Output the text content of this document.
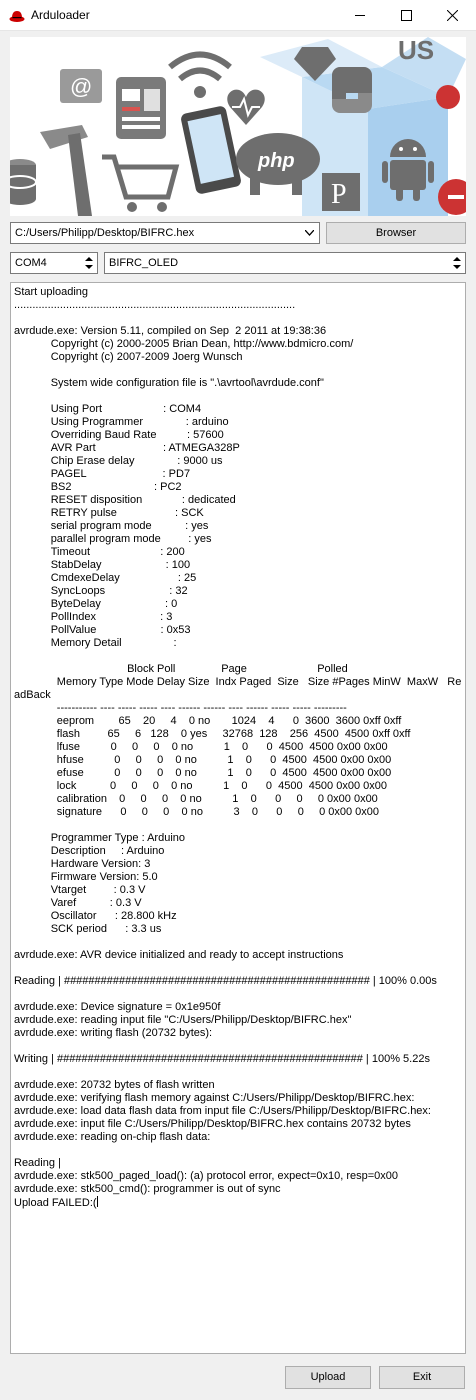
Arduloader
@
php
P
US
C:/Users/Philipp/Desktop/BIFRC.hex	Browser
COM4	BIFRC_OLED
Start uploading
............................................................................................

avrdude.exe: Version 5.11, compiled on Sep  2 2011 at 19:38:36
Copyright (c) 2000-2005 Brian Dean, http://www.bdmicro.com/
Copyright (c) 2007-2009 Joerg Wunsch

System wide configuration file is ".\avrtool\avrdude.conf"

Using Port                    : COM4
Using Programmer              : arduino
Overriding Baud Rate          : 57600
AVR Part                      : ATMEGA328P
Chip Erase delay              : 9000 us
PAGEL                         : PD7
BS2                           : PC2
RESET disposition             : dedicated
RETRY pulse                   : SCK
serial program mode           : yes
parallel program mode         : yes
Timeout                       : 200
StabDelay                     : 100
CmdexeDelay                   : 25
SyncLoops                     : 32
ByteDelay                     : 0
PollIndex                     : 3
PollValue                     : 0x53
Memory Detail                 :

Block Poll               Page                       Polled
Memory Type Mode Delay Size  Indx Paged  Size   Size #Pages MinW  MaxW   ReadBack
----------- ---- ----- ----- ---- ------ ------ ---- ------ ----- ----- ---------
eeprom        65    20     4    0 no       1024    4      0  3600  3600 0xff 0xff
flash         65     6   128    0 yes     32768  128    256  4500  4500 0xff 0xff
lfuse          0     0     0    0 no          1    0      0  4500  4500 0x00 0x00
hfuse          0     0     0    0 no          1    0      0  4500  4500 0x00 0x00
efuse          0     0     0    0 no          1    0      0  4500  4500 0x00 0x00
lock           0     0     0    0 no          1    0      0  4500  4500 0x00 0x00
calibration    0     0     0    0 no          1    0      0     0     0 0x00 0x00
signature      0     0     0    0 no          3    0      0     0     0 0x00 0x00

Programmer Type : Arduino
Description     : Arduino
Hardware Version: 3
Firmware Version: 5.0
Vtarget         : 0.3 V
Varef           : 0.3 V
Oscillator      : 28.800 kHz
SCK period      : 3.3 us

avrdude.exe: AVR device initialized and ready to accept instructions

Reading | ################################################## | 100% 0.00s

avrdude.exe: Device signature = 0x1e950f
avrdude.exe: reading input file "C:/Users/Philipp/Desktop/BIFRC.hex"
avrdude.exe: writing flash (20732 bytes):

Writing | ################################################## | 100% 5.22s

avrdude.exe: 20732 bytes of flash written
avrdude.exe: verifying flash memory against C:/Users/Philipp/Desktop/BIFRC.hex:
avrdude.exe: load data flash data from input file C:/Users/Philipp/Desktop/BIFRC.hex:
avrdude.exe: input file C:/Users/Philipp/Desktop/BIFRC.hex contains 20732 bytes
avrdude.exe: reading on-chip flash data:

Reading |
avrdude.exe: stk500_paged_load(): (a) protocol error, expect=0x10, resp=0x00
avrdude.exe: stk500_cmd(): programmer is out of sync
Upload FAILED:(
Upload	Exit
